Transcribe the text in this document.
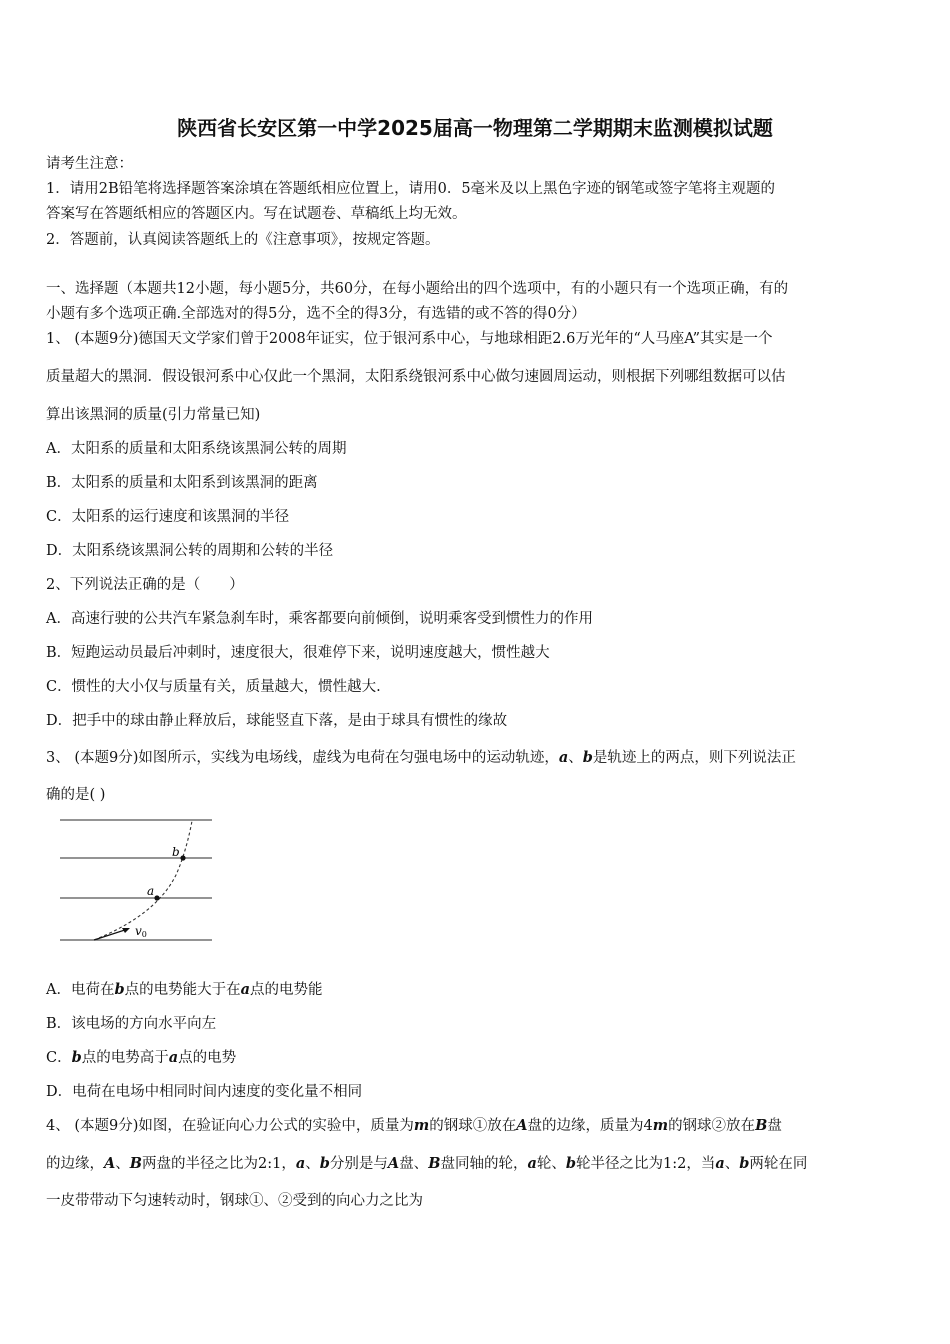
陕西省长安区第一中学2025届高一物理第二学期期末监测模拟试题
请考生注意：
1．请用2B铅笔将选择题答案涂填在答题纸相应位置上，请用0．5毫米及以上黑色字迹的钢笔或签字笔将主观题的
答案写在答题纸相应的答题区内。写在试题卷、草稿纸上均无效。
2．答题前，认真阅读答题纸上的《注意事项》，按规定答题。
一、选择题（本题共12小题，每小题5分，共60分，在每小题给出的四个选项中，有的小题只有一个选项正确，有的
小题有多个选项正确.全部选对的得5分，选不全的得3分，有选错的或不答的得0分）
1、 (本题9分)德国天文学家们曾于2008年证实，位于银河系中心，与地球相距2.6万光年的“人马座A”其实是一个
质量超大的黑洞．假设银河系中心仅此一个黑洞，太阳系绕银河系中心做匀速圆周运动，则根据下列哪组数据可以估
算出该黑洞的质量(引力常量已知)
A．太阳系的质量和太阳系绕该黑洞公转的周期
B．太阳系的质量和太阳系到该黑洞的距离
C．太阳系的运行速度和该黑洞的半径
D．太阳系绕该黑洞公转的周期和公转的半径
2、下列说法正确的是（　　）
A．高速行驶的公共汽车紧急刹车时，乘客都要向前倾倒，说明乘客受到惯性力的作用
B．短跑运动员最后冲刺时，速度很大，很难停下来，说明速度越大，惯性越大
C．惯性的大小仅与质量有关，质量越大，惯性越大.
D．把手中的球由静止释放后，球能竖直下落，是由于球具有惯性的缘故
3、 (本题9分)如图所示，实线为电场线，虚线为电荷在匀强电场中的运动轨迹，a、b是轨迹上的两点，则下列说法正
确的是( )
b
a
v0
A．电荷在b点的电势能大于在a点的电势能
B．该电场的方向水平向左
C．b点的电势高于a点的电势
D．电荷在电场中相同时间内速度的变化量不相同
4、 (本题9分)如图，在验证向心力公式的实验中，质量为m的钢球①放在A盘的边缘，质量为4m的钢球②放在B盘
的边缘，A、B两盘的半径之比为2:1，a、b分别是与A盘、B盘同轴的轮，a轮、b轮半径之比为1:2，当a、b两轮在同
一皮带带动下匀速转动时，钢球①、②受到的向心力之比为
